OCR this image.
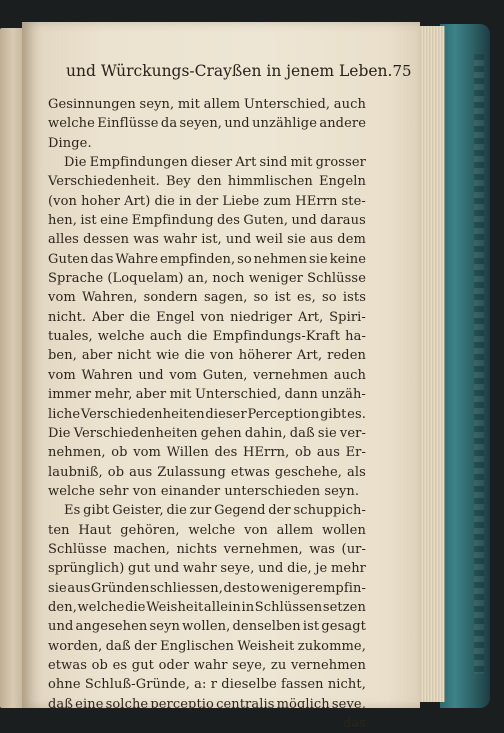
und Würckungs-Crayßen in jenem Leben. 75
Gesinnungen seyn, mit allem Unterschied, auch
welche Einflüsse da seyen, und unzählige andere
Dinge.
Die Empfindungen dieser Art sind mit grosser
Verschiedenheit. Bey den himmlischen Engeln
(von hoher Art) die in der Liebe zum HErrn ste-
hen, ist eine Empfindung des Guten, und daraus
alles dessen was wahr ist, und weil sie aus dem
Guten das Wahre empfinden, so nehmen sie keine
Sprache (Loquelam) an, noch weniger Schlüsse
vom Wahren, sondern sagen, so ist es, so ists
nicht. Aber die Engel von niedriger Art, Spiri-
tuales, welche auch die Empfindungs-Kraft ha-
ben, aber nicht wie die von höherer Art, reden
vom Wahren und vom Guten, vernehmen auch
immer mehr, aber mit Unterschied, dann unzäh-
liche Verschiedenheiten dieser Perception gibt es.
Die Verschiedenheiten gehen dahin, daß sie ver-
nehmen, ob vom Willen des HErrn, ob aus Er-
laubniß, ob aus Zulassung etwas geschehe, als
welche sehr von einander unterschieden seyn.
Es gibt Geister, die zur Gegend der schuppich-
ten Haut gehören, welche von allem wollen
Schlüsse machen, nichts vernehmen, was (ur-
sprünglich) gut und wahr seye, und die, je mehr
sie aus Gründen schliessen, desto weniger empfin-
den, welche die Weisheit allein in Schlüssen setzen
und angesehen seyn wollen, denselben ist gesagt
worden, daß der Englischen Weisheit zukomme,
etwas ob es gut oder wahr seye, zu vernehmen
ohne Schluß-Gründe, a: r dieselbe fassen nicht,
daß eine solche perceptio centralis möglich seye,
das
